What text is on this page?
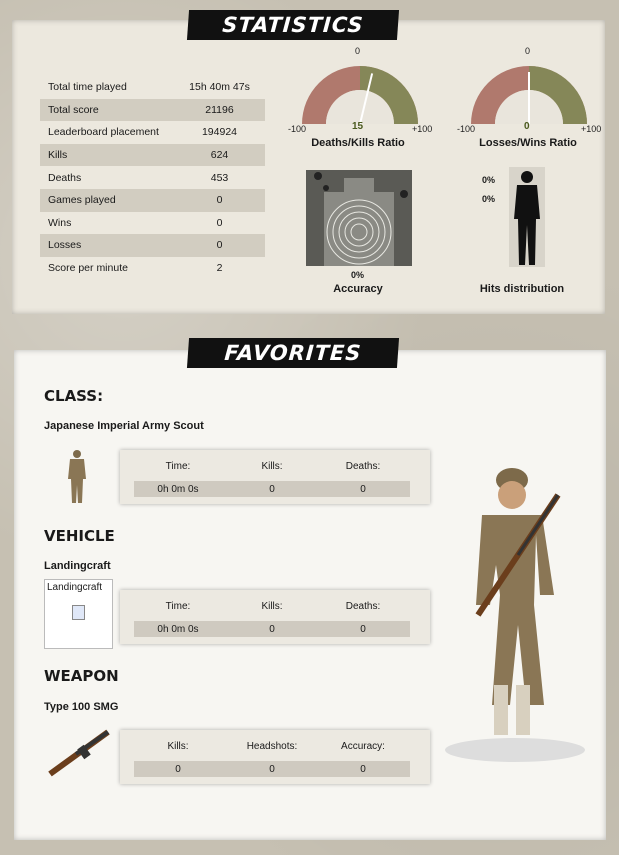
STATISTICS
Total time played	15h 40m 47s
Total score	21196
Leaderboard placement	194924
Kills	624
Deaths	453
Games played	0
Wins	0
Losses	0
Score per minute	2
0
-100	+100
15
Deaths/Kills Ratio
0
-100	+100
0
Losses/Wins Ratio
0%
Accuracy
0%
0%
Hits distribution
FAVORITES
CLASS:
Japanese Imperial Army Scout
Time:	Kills:	Deaths:
0h 0m 0s	0	0
VEHICLE
Landingcraft
Landingcraft
Time:	Kills:	Deaths:
0h 0m 0s	0	0
WEAPON
Type 100 SMG
Kills:	Headshots:	Accuracy:
0	0	0
